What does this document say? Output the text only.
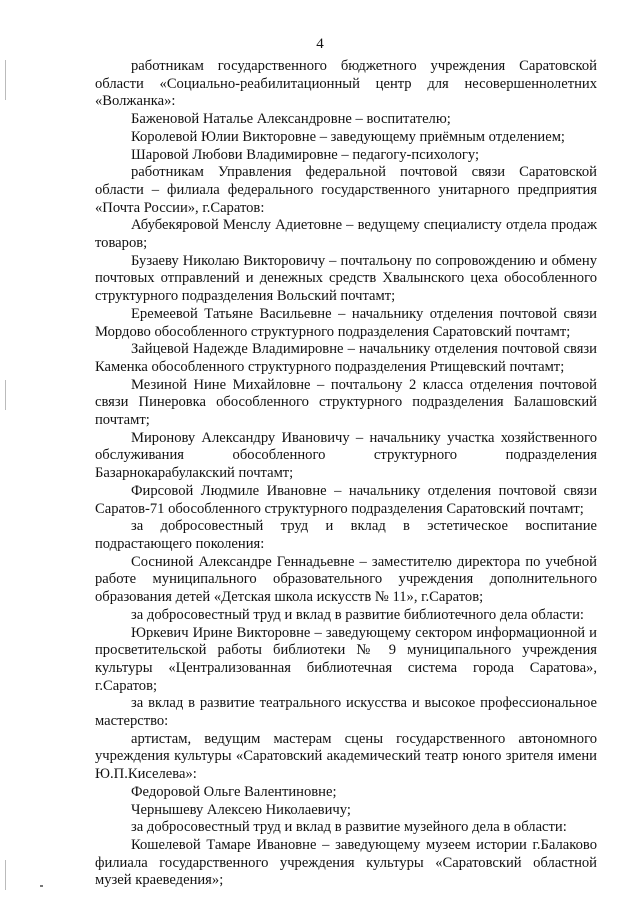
4

работникам государственного бюджетного учреждения Саратовской области «Социально-реабилитационный центр для несовершеннолетних «Волжанка»:

Баженовой Наталье Александровне – воспитателю;

Королевой Юлии Викторовне – заведующему приёмным отделением;

Шаровой Любови Владимировне – педагогу-психологу;

работникам Управления федеральной почтовой связи Саратовской области – филиала федерального государственного унитарного предприятия «Почта России», г.Саратов:

Абубекяровой Менслу Адиетовне – ведущему специалисту отдела продаж товаров;

Бузаеву Николаю Викторовичу – почтальону по сопровождению и обмену почтовых отправлений и денежных средств Хвалынского цеха обособленного структурного подразделения Вольский почтамт;

Еремеевой Татьяне Васильевне – начальнику отделения почтовой связи Мордово обособленного структурного подразделения Саратовский почтамт;

Зайцевой Надежде Владимировне – начальнику отделения почтовой связи Каменка обособленного структурного подразделения Ртищевский почтамт;

Мезиной Нине Михайловне – почтальону 2 класса отделения почтовой связи Пинеровка обособленного структурного подразделения Балашовский почтамт;

Миронову Александру Ивановичу – начальнику участка хозяйственного обслуживания обособленного структурного подразделения Базарнокарабулакский почтамт;

Фирсовой Людмиле Ивановне – начальнику отделения почтовой связи Саратов-71 обособленного структурного подразделения Саратовский почтамт;

за добросовестный труд и вклад в эстетическое воспитание подрастающего поколения:

Сосниной Александре Геннадьевне – заместителю директора по учебной работе муниципального образовательного учреждения дополнительного образования детей «Детская школа искусств № 11», г.Саратов;

за добросовестный труд и вклад в развитие библиотечного дела области:

Юркевич Ирине Викторовне – заведующему сектором информационной и просветительской работы библиотеки № 9 муниципального учреждения культуры «Централизованная библиотечная система города Саратова», г.Саратов;

за вклад в развитие театрального искусства и высокое профессиональное мастерство:

артистам, ведущим мастерам сцены государственного автономного учреждения культуры «Саратовский академический театр юного зрителя имени Ю.П.Киселева»:

Федоровой Ольге Валентиновне;

Чернышеву Алексею Николаевичу;

за добросовестный труд и вклад в развитие музейного дела в области:

Кошелевой Тамаре Ивановне – заведующему музеем истории г.Балаково филиала государственного учреждения культуры «Саратовский областной музей краеведения»;
